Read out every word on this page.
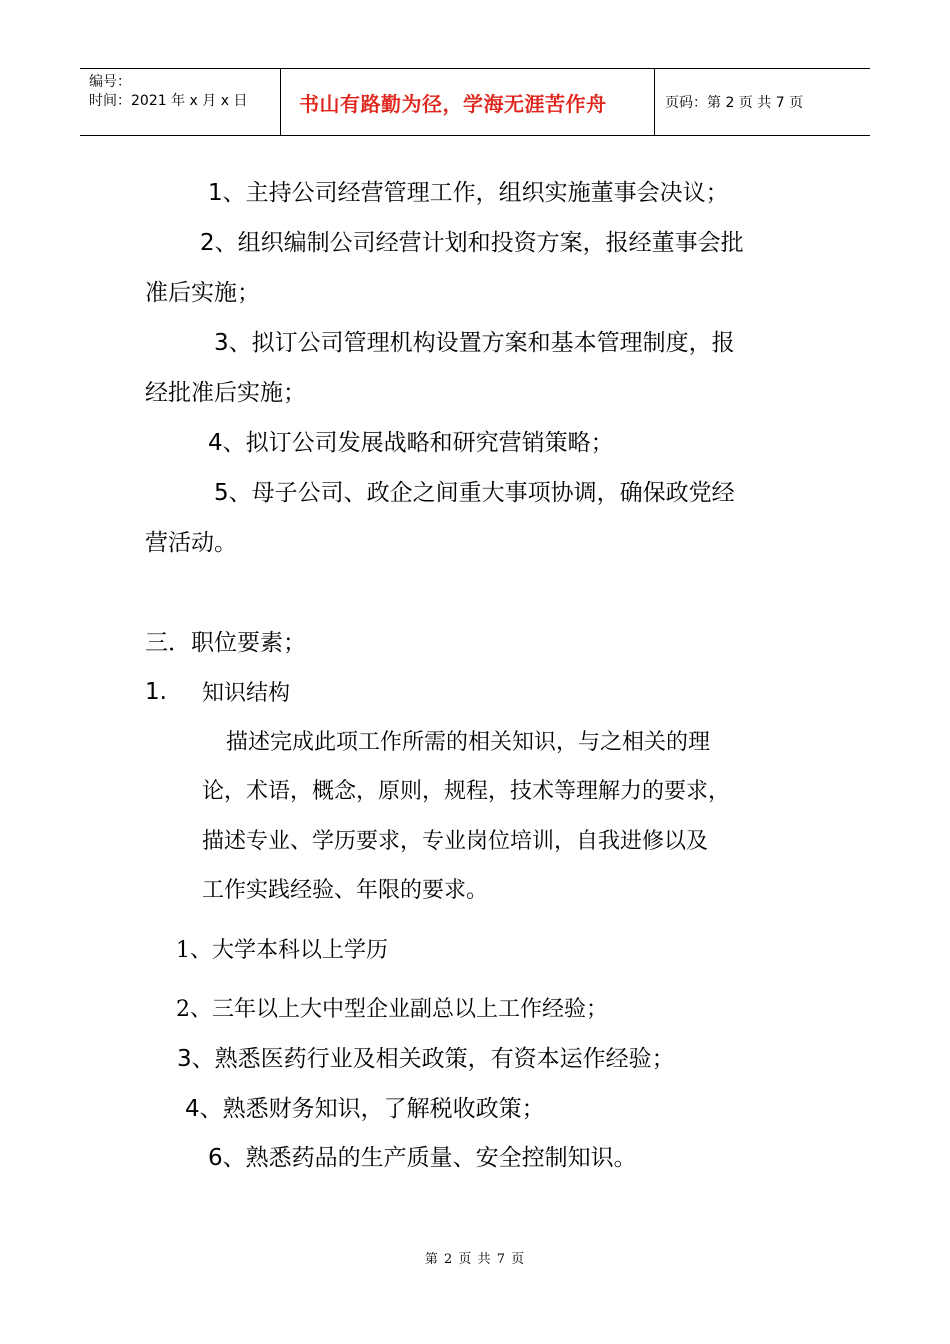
编号：
时间：2021 年 x 月 x 日	书山有路勤为径，学海无涯苦作舟	页码：第 2 页 共 7 页
1、主持公司经营管理工作，组织实施董事会决议；
2、组织编制公司经营计划和投资方案，报经董事会批
准后实施；
3、拟订公司管理机构设置方案和基本管理制度，报
经批准后实施；
4、拟订公司发展战略和研究营销策略；
5、母子公司、政企之间重大事项协调，确保政党经
营活动。
三．职位要素；
1. 知识结构
描述完成此项工作所需的相关知识，与之相关的理
论，术语，概念，原则，规程，技术等理解力的要求，
描述专业、学历要求，专业岗位培训，自我进修以及
工作实践经验、年限的要求。
1、大学本科以上学历
2、三年以上大中型企业副总以上工作经验；
3、熟悉医药行业及相关政策，有资本运作经验；
4、熟悉财务知识，了解税收政策；
6、熟悉药品的生产质量、安全控制知识。
第 2 页 共 7 页
